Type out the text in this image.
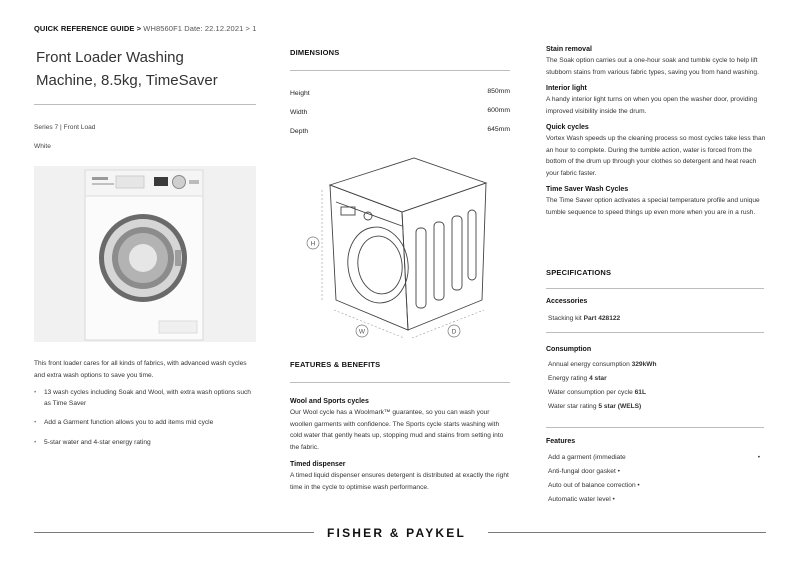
QUICK REFERENCE GUIDE > WH8560F1 Date: 22.12.2021 > 1
Front Loader Washing
Machine, 8.5kg, TimeSaver
Series 7 | Front Load
White
This front loader cares for all kinds of fabrics, with advanced wash cycles and extra wash options to save you time.
• 13 wash cycles including Soak and Wool, with extra wash options such as Time Saver
• Add a Garment function allows you to add items mid cycle
• 5-star water and 4-star energy rating
DIMENSIONS
Height	850mm
Width	600mm
Depth	645mm
H
W	D
FEATURES & BENEFITS
Wool and Sports cycles
Our Wool cycle has a Woolmark™ guarantee, so you can wash your woollen garments with confidence. The Sports cycle starts washing with cold water that gently heats up, stopping mud and stains from setting into the fabric.
Timed dispenser
A timed liquid dispenser ensures detergent is distributed at exactly the right time in the cycle to optimise wash performance.
Stain removal
The Soak option carries out a one-hour soak and tumble cycle to help lift stubborn stains from various fabric types, saving you from hand washing.
Interior light
A handy interior light turns on when you open the washer door, providing improved visibility inside the drum.
Quick cycles
Vortex Wash speeds up the cleaning process so most cycles take less than an hour to complete. During the tumble action, water is forced from the bottom of the drum up through your clothes so detergent and heat reach your fabric faster.
Time Saver Wash Cycles
The Time Saver option activates a special temperature profile and unique tumble sequence to speed things up even more when you are in a rush.
SPECIFICATIONS
Accessories
Stacking kit Part 428122
Consumption
Annual energy consumption 329kWh
Energy rating 4 star
Water consumption per cycle 61L
Water star rating 5 star (WELS)
Features
Add a garment (immediate	•
Anti-fungal door gasket •
Auto out of balance correction •
Automatic water level •
FISHER & PAYKEL
